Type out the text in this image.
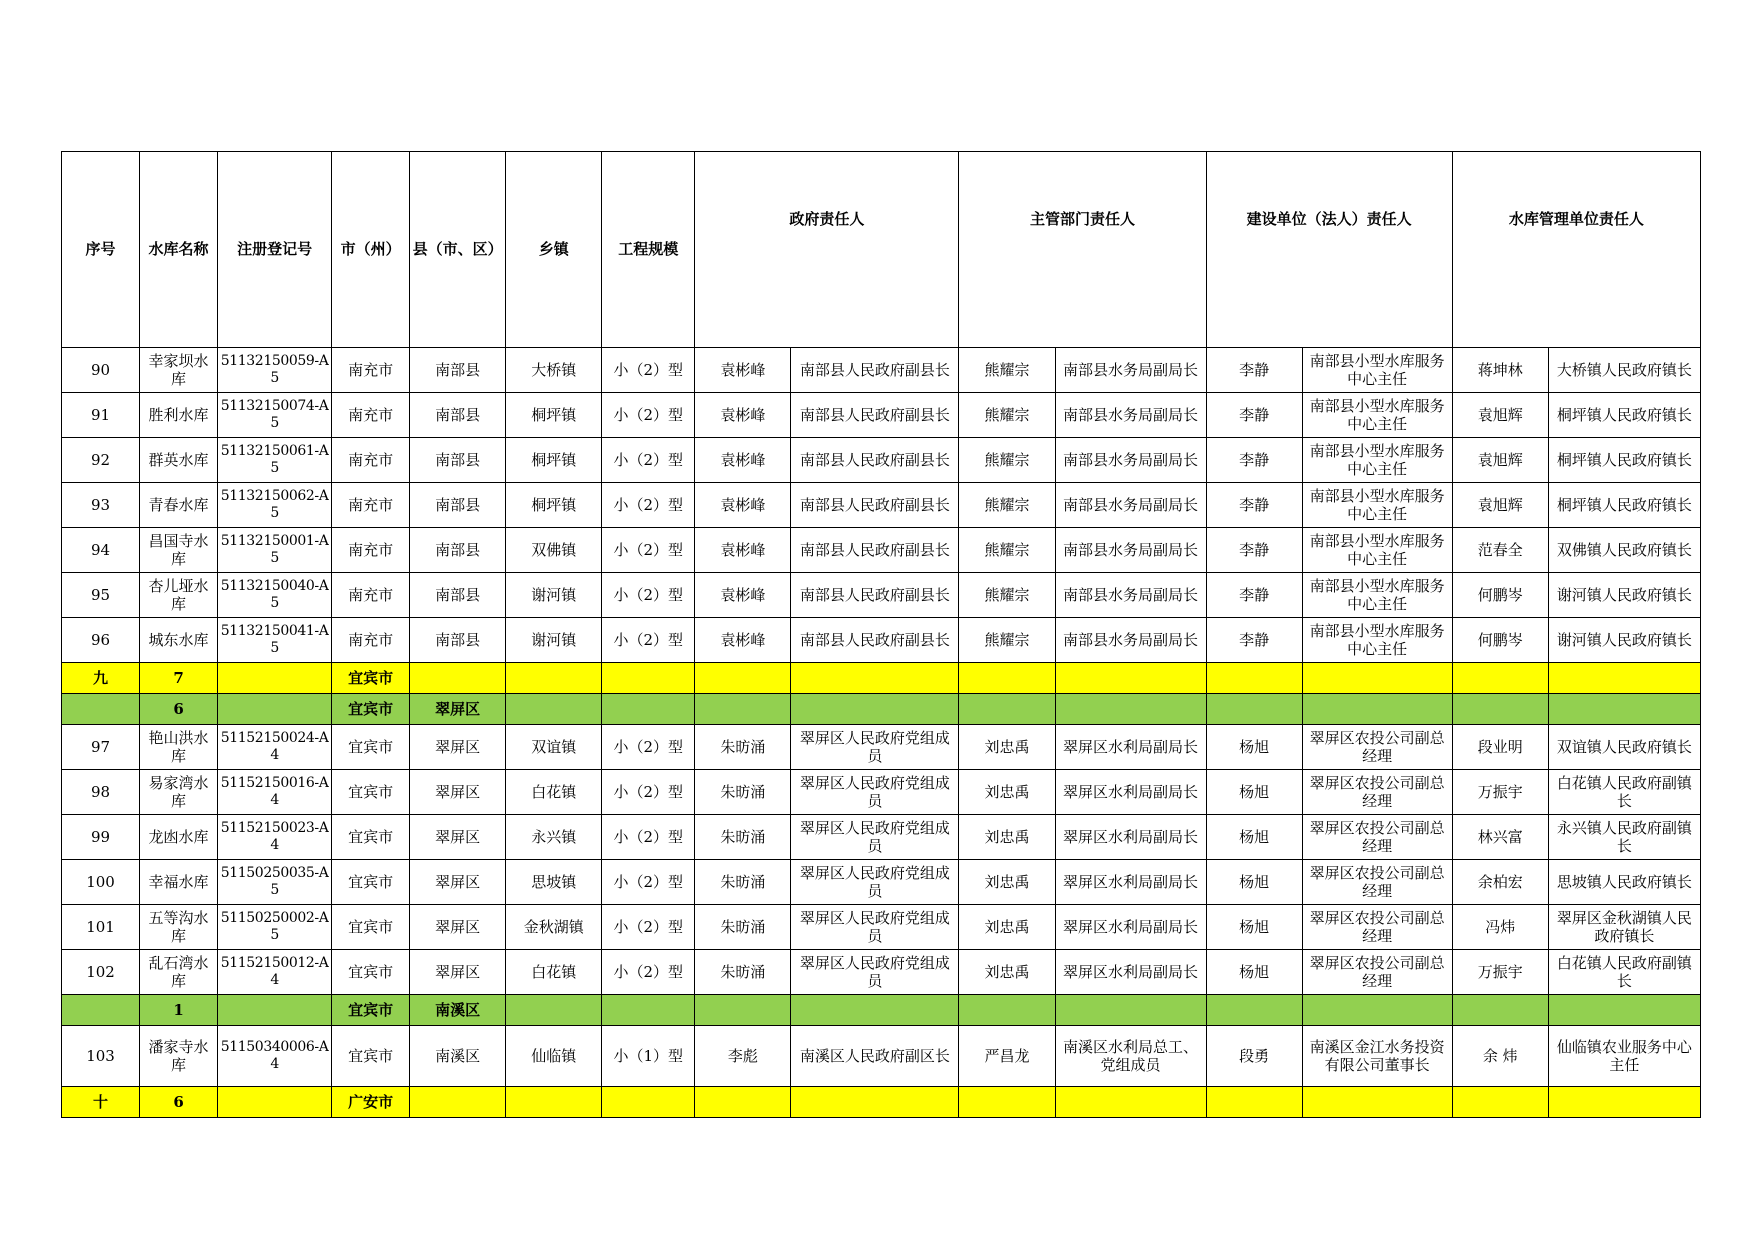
序号	水库名称	注册登记号	市（州）	县（市、区）	乡镇	工程规模	政府责任人		主管部门责任人		建设单位（法人）责任人		水库管理单位责任人	
90	幸家坝水库	51132150059-A5	南充市	南部县	大桥镇	小（2）型	袁彬峰	南部县人民政府副县长	熊耀宗	南部县水务局副局长	李静	南部县小型水库服务中心主任	蒋坤林	大桥镇人民政府镇长
91	胜利水库	51132150074-A5	南充市	南部县	桐坪镇	小（2）型	袁彬峰	南部县人民政府副县长	熊耀宗	南部县水务局副局长	李静	南部县小型水库服务中心主任	袁旭辉	桐坪镇人民政府镇长
92	群英水库	51132150061-A5	南充市	南部县	桐坪镇	小（2）型	袁彬峰	南部县人民政府副县长	熊耀宗	南部县水务局副局长	李静	南部县小型水库服务中心主任	袁旭辉	桐坪镇人民政府镇长
93	青春水库	51132150062-A5	南充市	南部县	桐坪镇	小（2）型	袁彬峰	南部县人民政府副县长	熊耀宗	南部县水务局副局长	李静	南部县小型水库服务中心主任	袁旭辉	桐坪镇人民政府镇长
94	昌国寺水库	51132150001-A5	南充市	南部县	双佛镇	小（2）型	袁彬峰	南部县人民政府副县长	熊耀宗	南部县水务局副局长	李静	南部县小型水库服务中心主任	范春全	双佛镇人民政府镇长
95	杏儿垭水库	51132150040-A5	南充市	南部县	谢河镇	小（2）型	袁彬峰	南部县人民政府副县长	熊耀宗	南部县水务局副局长	李静	南部县小型水库服务中心主任	何鹏岑	谢河镇人民政府镇长
96	城东水库	51132150041-A5	南充市	南部县	谢河镇	小（2）型	袁彬峰	南部县人民政府副县长	熊耀宗	南部县水务局副局长	李静	南部县小型水库服务中心主任	何鹏岑	谢河镇人民政府镇长
九	7		宜宾市											
	6		宜宾市	翠屏区										
97	艳山洪水库	51152150024-A4	宜宾市	翠屏区	双谊镇	小（2）型	朱昉涌	翠屏区人民政府党组成员	刘忠禹	翠屏区水利局副局长	杨旭	翠屏区农投公司副总经理	段业明	双谊镇人民政府镇长
98	易家湾水库	51152150016-A4	宜宾市	翠屏区	白花镇	小（2）型	朱昉涌	翠屏区人民政府党组成员	刘忠禹	翠屏区水利局副局长	杨旭	翠屏区农投公司副总经理	万振宇	白花镇人民政府副镇长
99	龙凼水库	51152150023-A4	宜宾市	翠屏区	永兴镇	小（2）型	朱昉涌	翠屏区人民政府党组成员	刘忠禹	翠屏区水利局副局长	杨旭	翠屏区农投公司副总经理	林兴富	永兴镇人民政府副镇长
100	幸福水库	51150250035-A5	宜宾市	翠屏区	思坡镇	小（2）型	朱昉涌	翠屏区人民政府党组成员	刘忠禹	翠屏区水利局副局长	杨旭	翠屏区农投公司副总经理	余柏宏	思坡镇人民政府镇长
101	五等沟水库	51150250002-A5	宜宾市	翠屏区	金秋湖镇	小（2）型	朱昉涌	翠屏区人民政府党组成员	刘忠禹	翠屏区水利局副局长	杨旭	翠屏区农投公司副总经理	冯炜	翠屏区金秋湖镇人民政府镇长
102	乱石湾水库	51152150012-A4	宜宾市	翠屏区	白花镇	小（2）型	朱昉涌	翠屏区人民政府党组成员	刘忠禹	翠屏区水利局副局长	杨旭	翠屏区农投公司副总经理	万振宇	白花镇人民政府副镇长
	1		宜宾市	南溪区										
103	潘家寺水库	51150340006-A4	宜宾市	南溪区	仙临镇	小（1）型	李彪	南溪区人民政府副区长	严昌龙	南溪区水利局总工、党组成员	段勇	南溪区金江水务投资有限公司董事长	余 炜	仙临镇农业服务中心主任
十	6		广安市											
